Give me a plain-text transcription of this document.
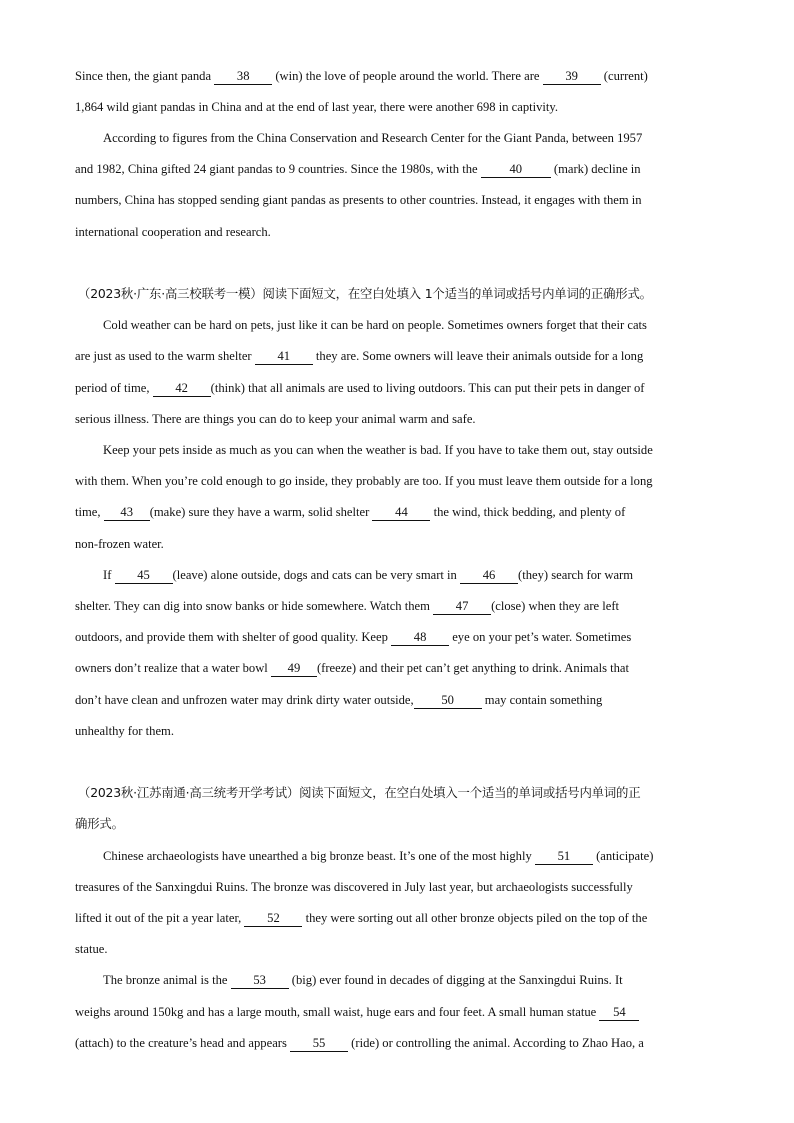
Since then, the giant panda 38 (win) the love of people around the world. There are 39 (current)
1,864 wild giant pandas in China and at the end of last year, there were another 698 in captivity.
According to figures from the China Conservation and Research Center for the Giant Panda, between 1957
and 1982, China gifted 24 giant pandas to 9 countries. Since the 1980s, with the 40 (mark) decline in
numbers, China has stopped sending giant pandas as presents to other countries. Instead, it engages with them in
international cooperation and research.
（2023秋·广东·高三校联考一模）阅读下面短文，在空白处填入 1个适当的单词或括号内单词的正确形式。
Cold weather can be hard on pets, just like it can be hard on people. Sometimes owners forget that their cats
are just as used to the warm shelter 41 they are. Some owners will leave their animals outside for a long
period of time, 42 (think) that all animals are used to living outdoors. This can put their pets in danger of
serious illness. There are things you can do to keep your animal warm and safe.
Keep your pets inside as much as you can when the weather is bad. If you have to take them out, stay outside
with them. When you’re cold enough to go inside, they probably are too. If you must leave them outside for a long
time, 43 (make) sure they have a warm, solid shelter 44 the wind, thick bedding, and plenty of
non-frozen water.
If 45 (leave) alone outside, dogs and cats can be very smart in 46 (they) search for warm
shelter. They can dig into snow banks or hide somewhere. Watch them 47 (close) when they are left
outdoors, and provide them with shelter of good quality. Keep 48 eye on your pet’s water. Sometimes
owners don’t realize that a water bowl 49 (freeze) and their pet can’t get anything to drink. Animals that
don’t have clean and unfrozen water may drink dirty water outside, 50 may contain something
unhealthy for them.
（2023秋·江苏南通·高三统考开学考试）阅读下面短文，在空白处填入一个适当的单词或括号内单词的正
确形式。
Chinese archaeologists have unearthed a big bronze beast. It’s one of the most highly 51 (anticipate)
treasures of the Sanxingdui Ruins. The bronze was discovered in July last year, but archaeologists successfully
lifted it out of the pit a year later, 52 they were sorting out all other bronze objects piled on the top of the
statue.
The bronze animal is the 53 (big) ever found in decades of digging at the Sanxingdui Ruins. It
weighs around 150kg and has a large mouth, small waist, huge ears and four feet. A small human statue 54
(attach) to the creature’s head and appears 55 (ride) or controlling the animal. According to Zhao Hao, a
